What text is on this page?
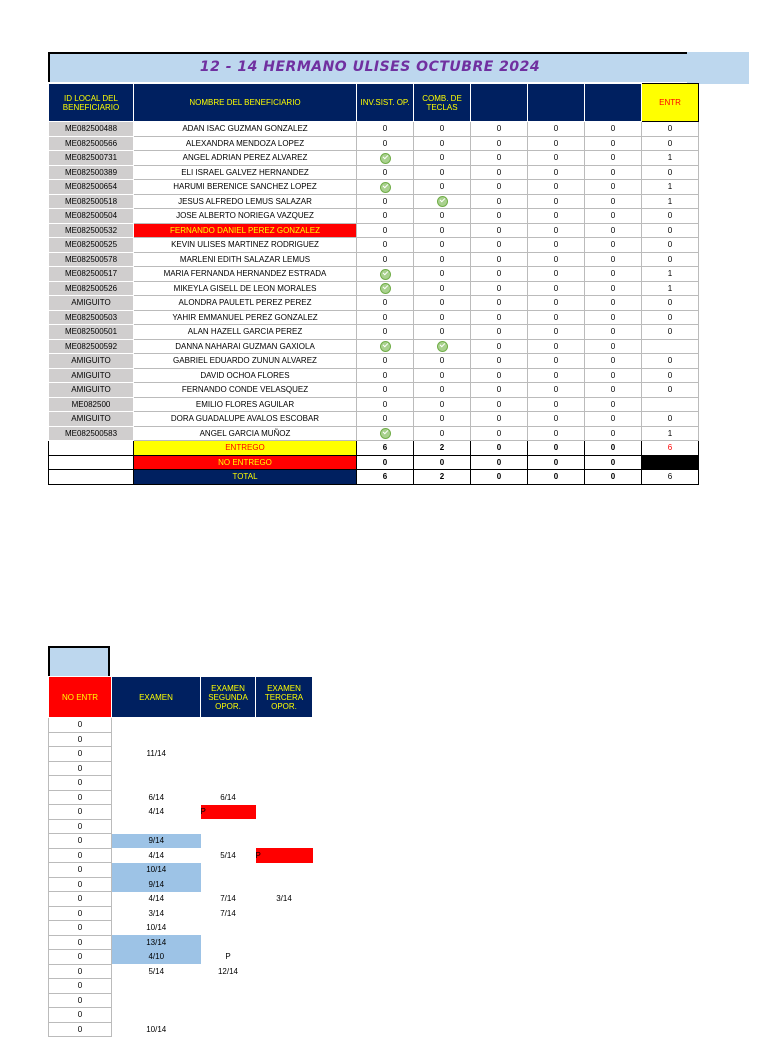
12 - 14 HERMANO ULISES OCTUBRE 2024
ID LOCAL DEL BENEFICIARIO	NOMBRE DEL BENEFICIARIO	INV.SIST. OP.	COMB. DE TECLAS				ENTR
ME082500488	ADAN ISAC GUZMAN GONZALEZ	0	0	0	0	0	0
ME082500566	ALEXANDRA MENDOZA LOPEZ	0	0	0	0	0	0
ME082500731	ANGEL ADRIAN PEREZ ALVAREZ		0	0	0	0	1
ME082500389	ELI ISRAEL GALVEZ HERNANDEZ	0	0	0	0	0	0
ME082500654	HARUMI BERENICE SANCHEZ LOPEZ		0	0	0	0	1
ME082500518	JESUS ALFREDO LEMUS SALAZAR	0		0	0	0	1
ME082500504	JOSE ALBERTO NORIEGA VAZQUEZ	0	0	0	0	0	0
ME082500532	FERNANDO DANIEL PEREZ GONZALEZ	0	0	0	0	0	0
ME082500525	KEVIN ULISES MARTINEZ RODRIGUEZ	0	0	0	0	0	0
ME082500578	MARLENI EDITH SALAZAR LEMUS	0	0	0	0	0	0
ME082500517	MARIA FERNANDA HERNANDEZ ESTRADA		0	0	0	0	1
ME082500526	MIKEYLA GISELL DE LEON MORALES		0	0	0	0	1
AMIGUITO	ALONDRA PAULETL PEREZ PEREZ	0	0	0	0	0	0
ME082500503	YAHIR EMMANUEL PEREZ GONZALEZ	0	0	0	0	0	0
ME082500501	ALAN HAZELL GARCIA PEREZ	0	0	0	0	0	0
ME082500592	DANNA NAHARAI GUZMAN GAXIOLA			0	0	0	
AMIGUITO	GABRIEL EDUARDO ZUNUN ALVAREZ	0	0	0	0	0	0
AMIGUITO	DAVID OCHOA FLORES	0	0	0	0	0	0
AMIGUITO	FERNANDO CONDE VELASQUEZ	0	0	0	0	0	0
ME082500	EMILIO FLORES AGUILAR	0	0	0	0	0	
AMIGUITO	DORA GUADALUPE AVALOS ESCOBAR	0	0	0	0	0	0
ME082500583	ANGEL GARCIA MUÑOZ		0	0	0	0	1
	ENTREGO	6	2	0	0	0	6
	NO ENTREGO	0	0	0	0	0	
	TOTAL	6	2	0	0	0	6
NO ENTR	EXAMEN	EXAMEN SEGUNDA OPOR.	EXAMEN TERCERA OPOR.
0			
0			
0	11/14		
0			
0			
0	6/14	6/14	
0	4/14	P	
0			
0	9/14		
0	4/14	5/14	P
0	10/14		
0	9/14		
0	4/14	7/14	3/14
0	3/14	7/14	
0	10/14		
0	13/14		
0	4/10	P	
0	5/14	12/14	
0			
0			
0			
0	10/14		
